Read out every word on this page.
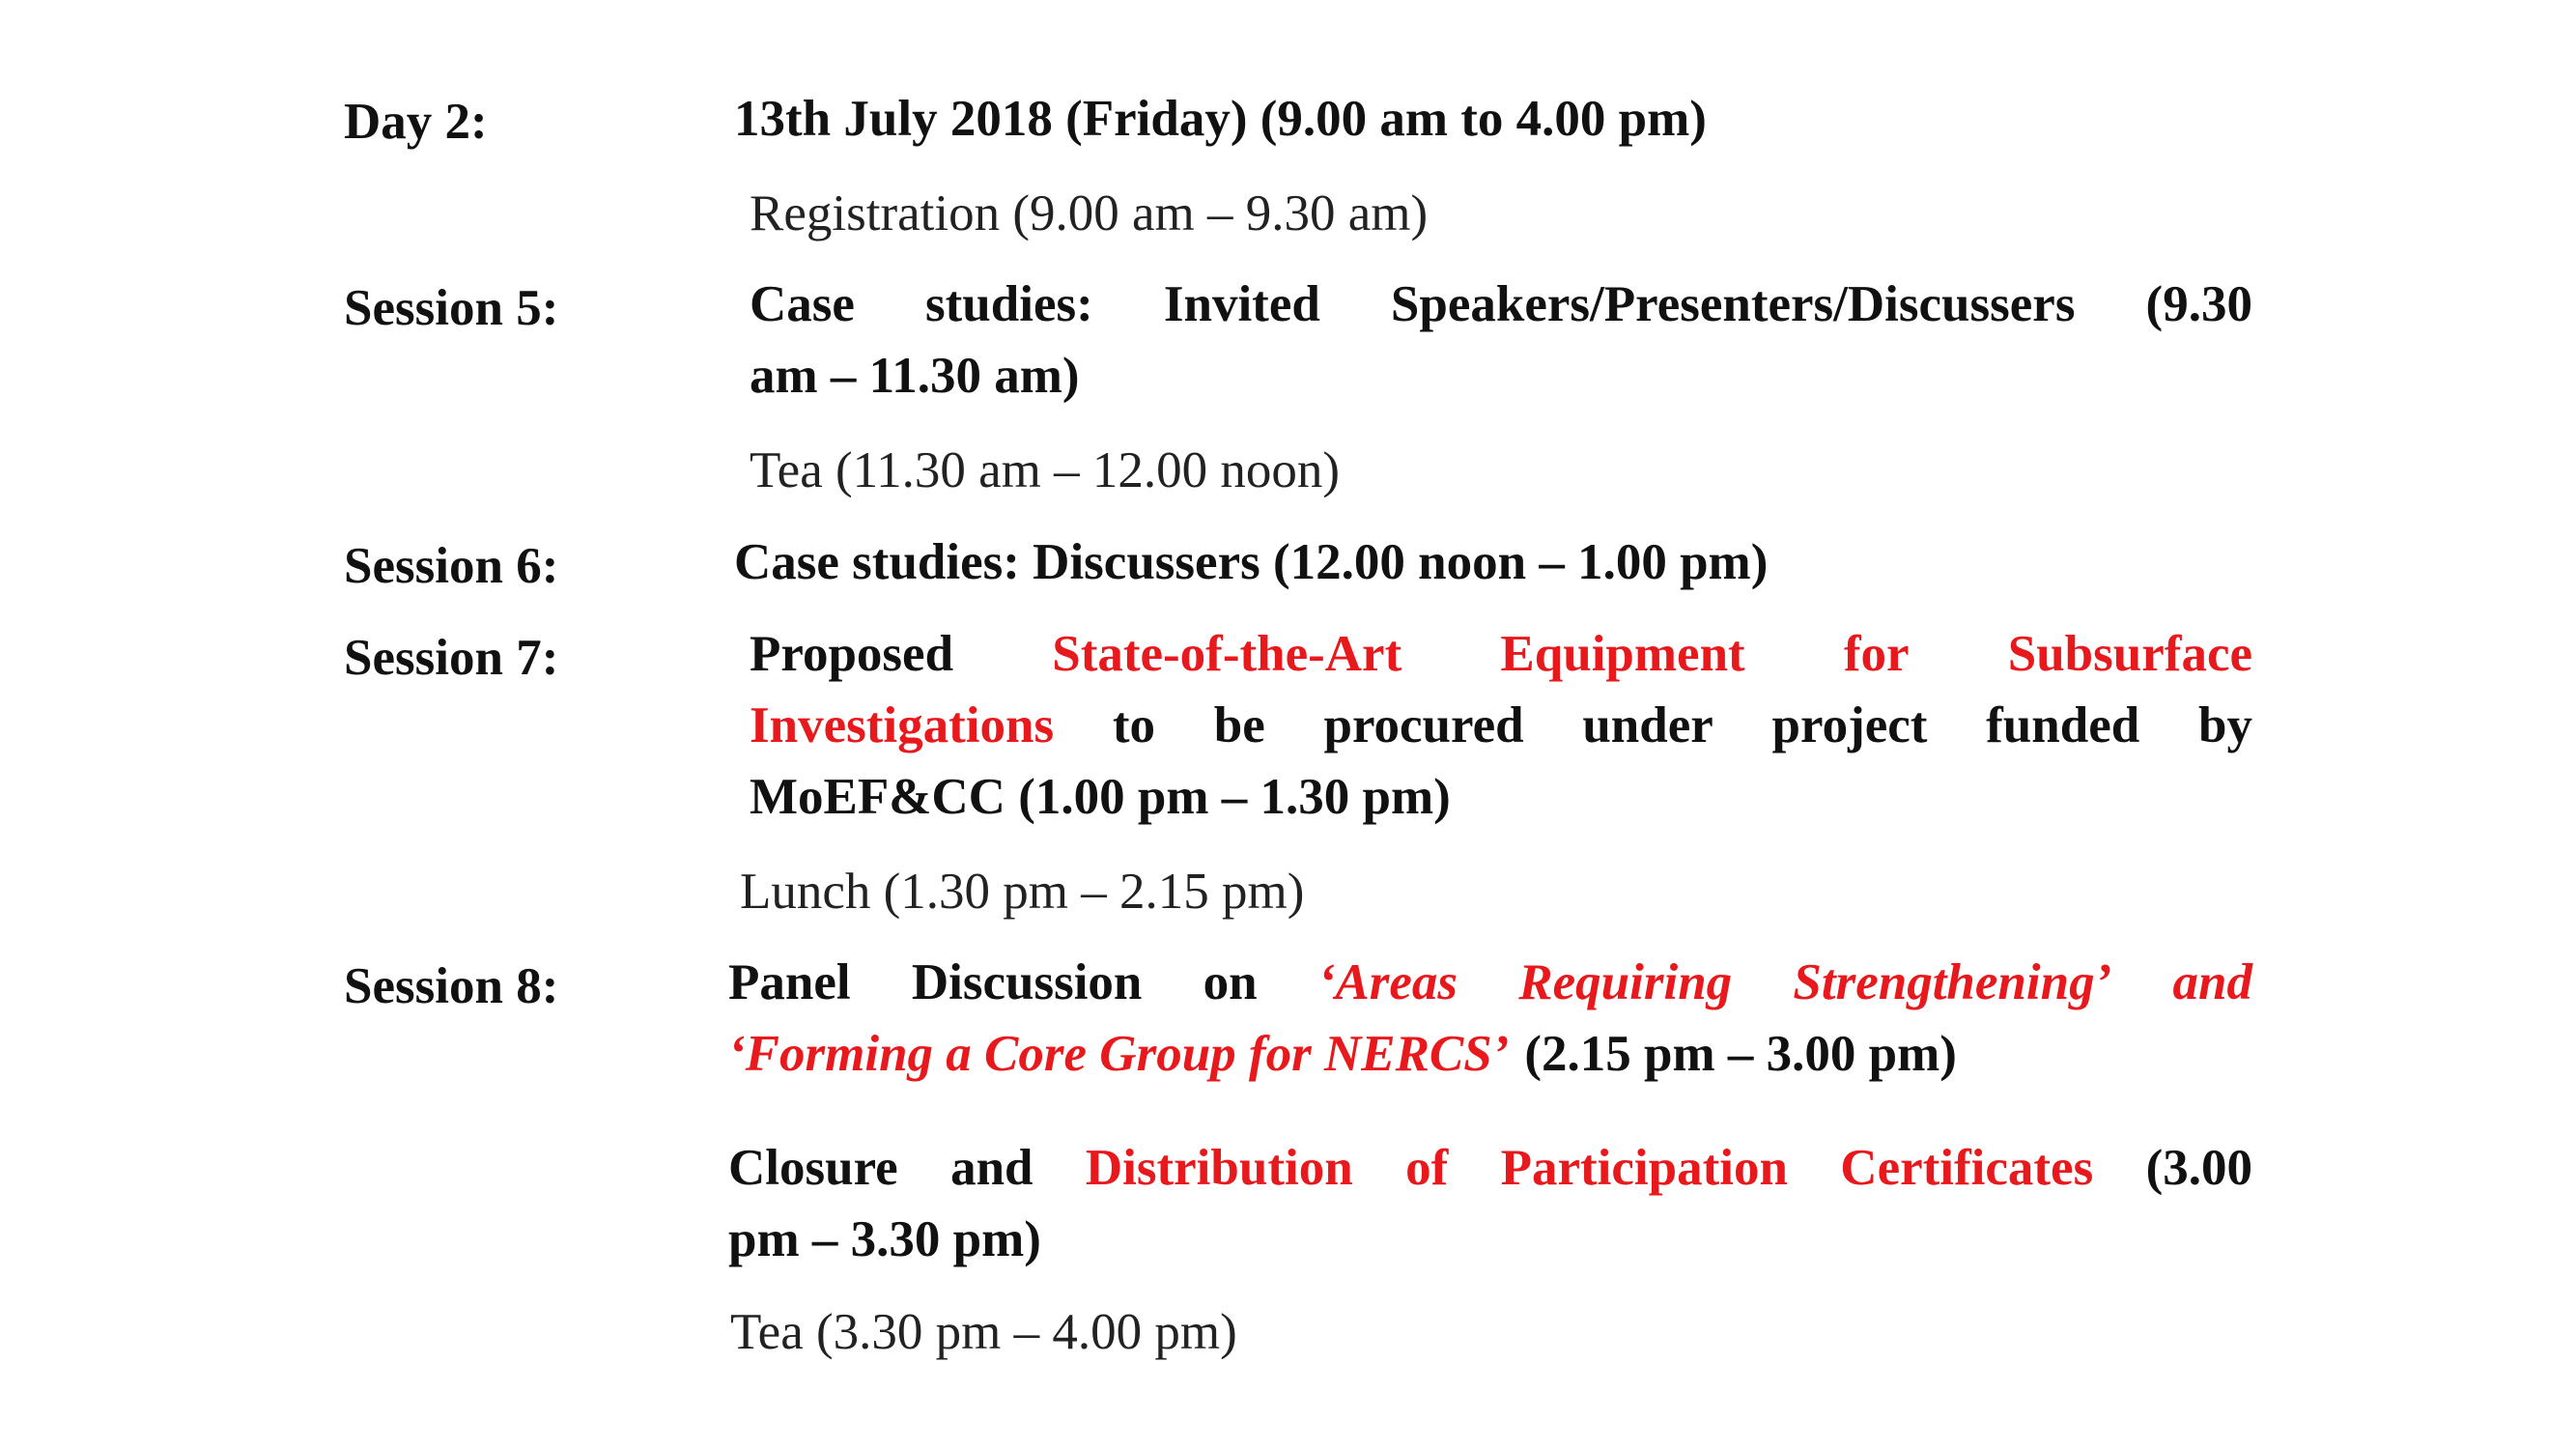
Day 2:	13th July 2018 (Friday) (9.00 am to 4.00 pm)
Registration (9.00 am – 9.30 am)
Session 5:	Case studies: Invited Speakers/Presenters/Discussers (9.30
am – 11.30 am)
Tea (11.30 am – 12.00 noon)
Session 6:	Case studies: Discussers (12.00 noon – 1.00 pm)
Session 7:	Proposed State-of-the-Art Equipment for Subsurface
Investigations to be procured under project funded by
MoEF&CC (1.00 pm – 1.30 pm)
Lunch (1.30 pm – 2.15 pm)
Session 8:	Panel Discussion on ‘Areas Requiring Strengthening’ and
‘Forming a Core Group for NERCS’ (2.15 pm – 3.00 pm)
Closure and Distribution of Participation Certificates (3.00
pm – 3.30 pm)
Tea (3.30 pm – 4.00 pm)
